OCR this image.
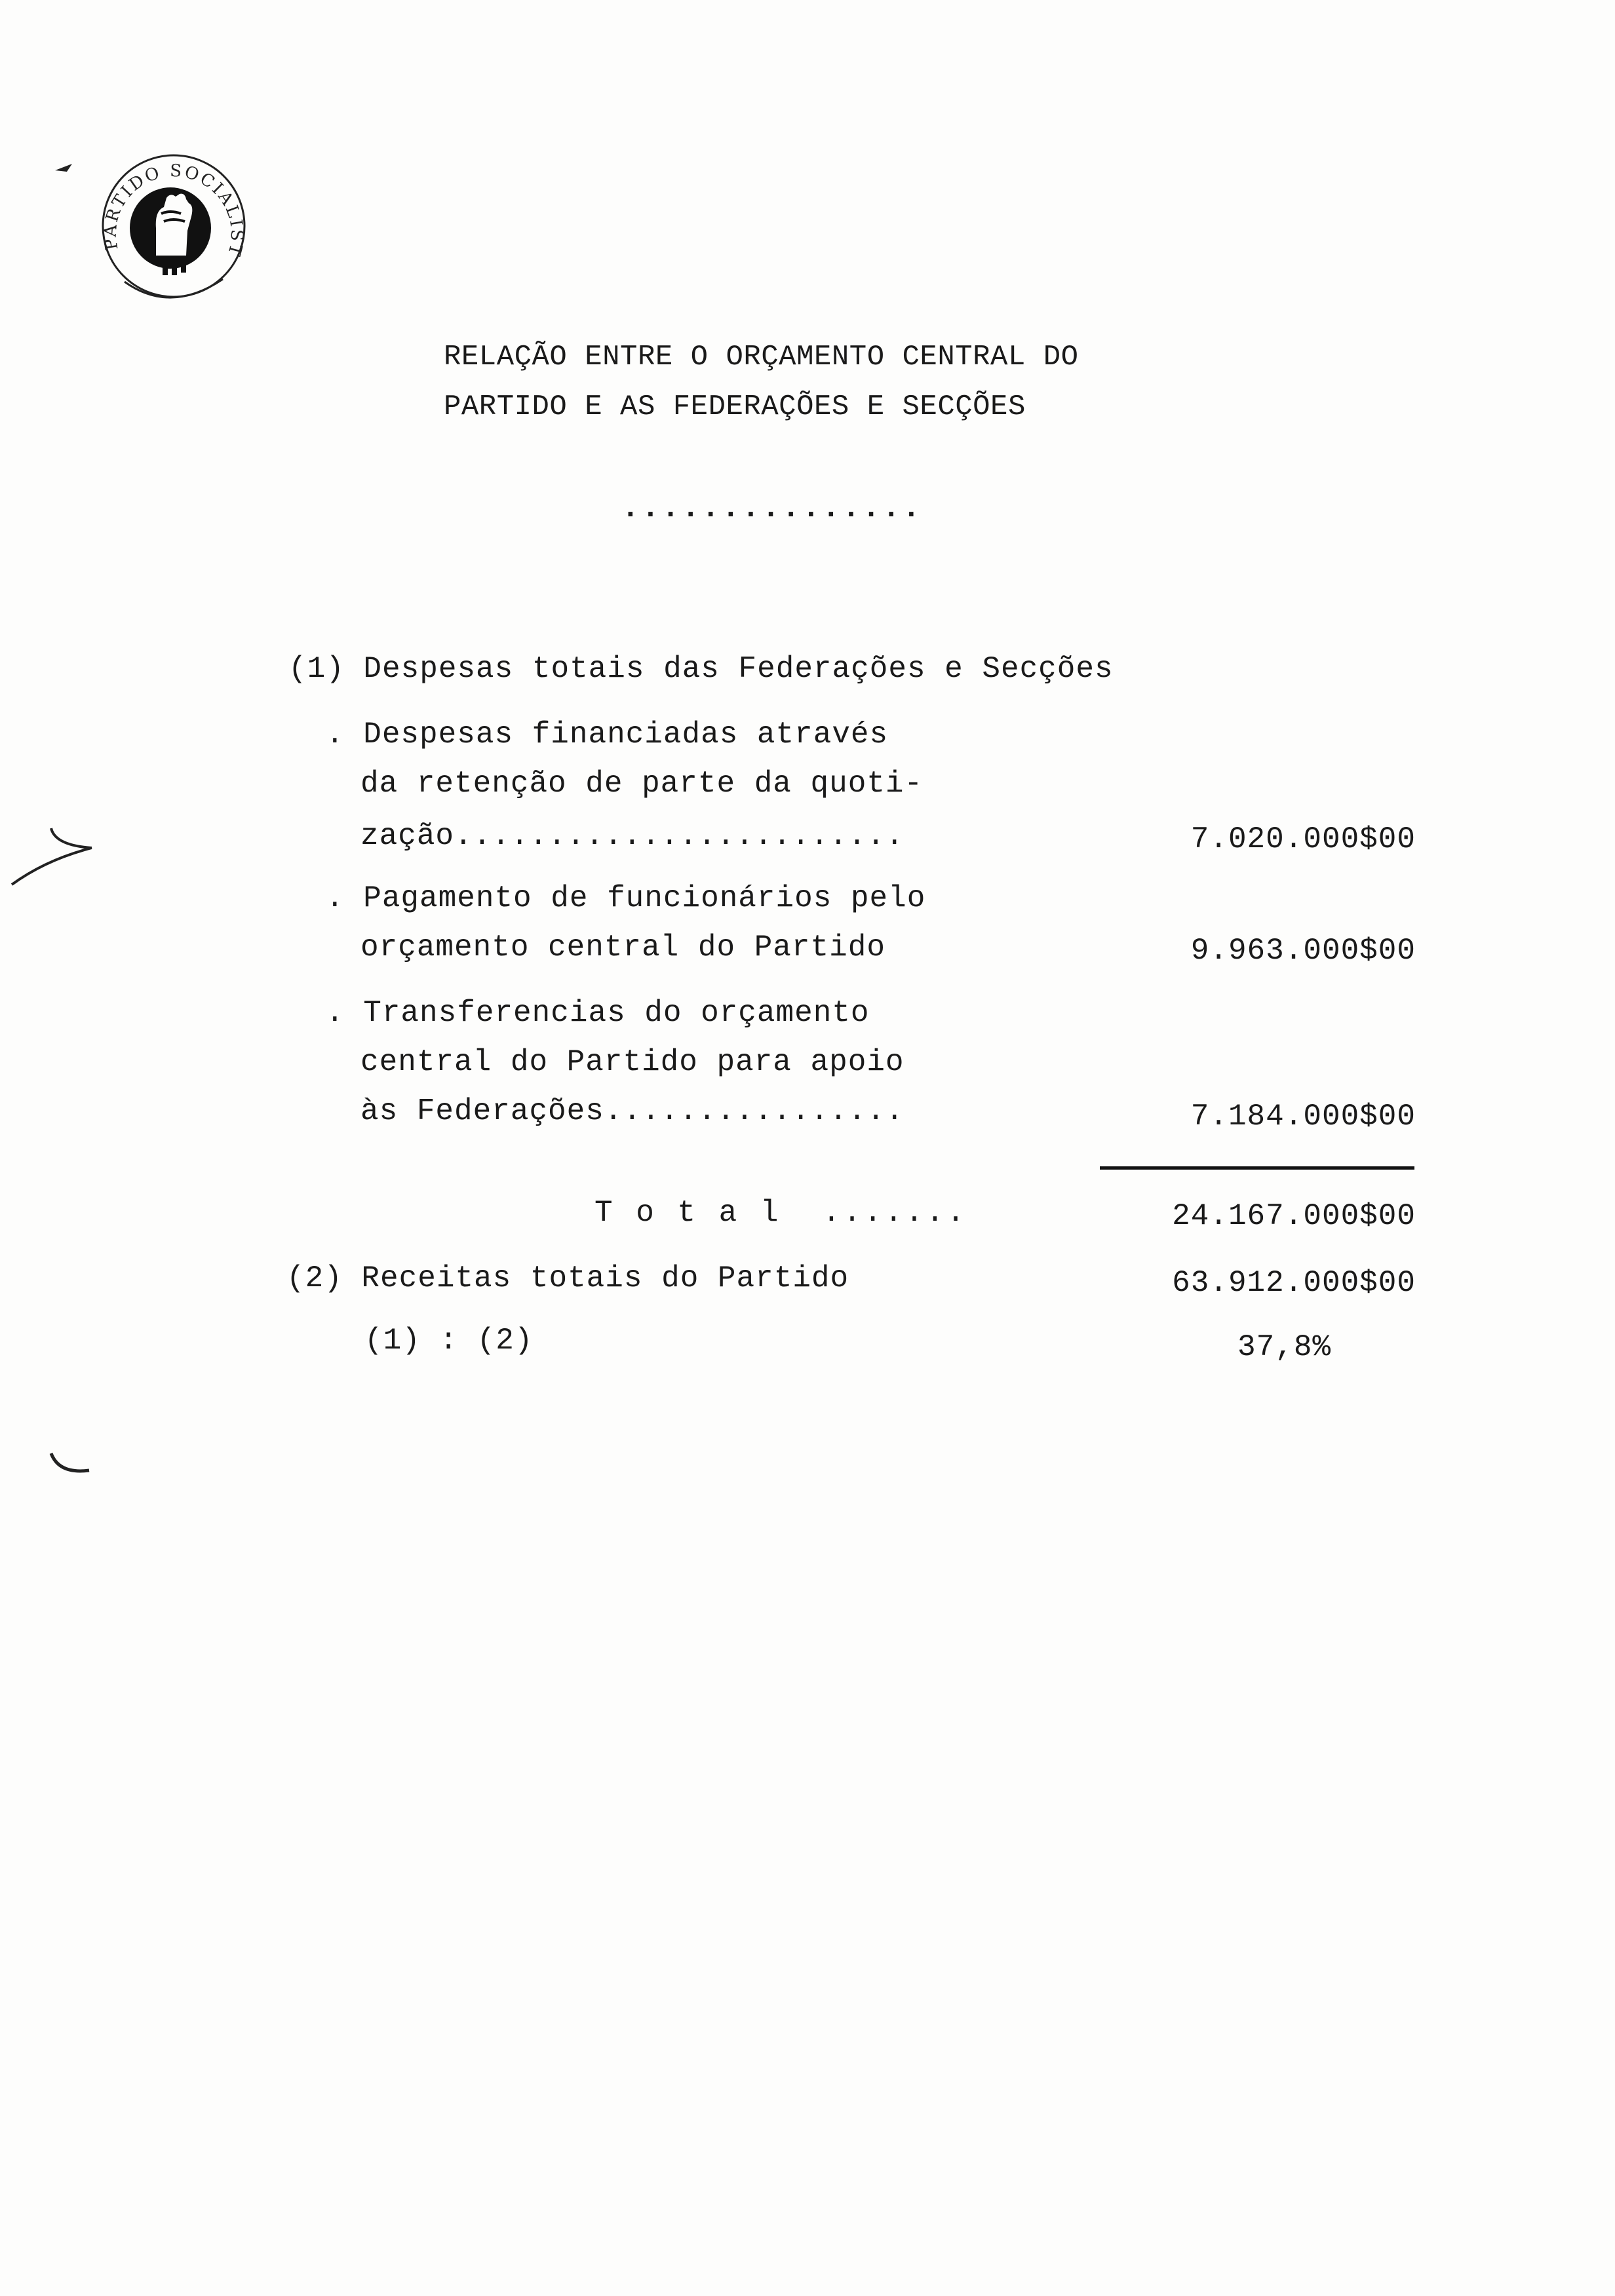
PARTIDO SOCIALIST
RELAÇÃO ENTRE O ORÇAMENTO CENTRAL DO
PARTIDO E AS FEDERAÇÕES E SECÇÕES
...............
(1) Despesas totais das Federações e Secções
. Despesas financiadas através
da retenção de parte da quoti-
zação........................	7.020.000$00
. Pagamento de funcionários pelo
orçamento central do Partido	9.963.000$00
. Transferencias do orçamento
central do Partido para apoio
às Federações................	7.184.000$00
T o t a l  .......	24.167.000$00
(2) Receitas totais do Partido	63.912.000$00
(1) : (2)	37,8%
